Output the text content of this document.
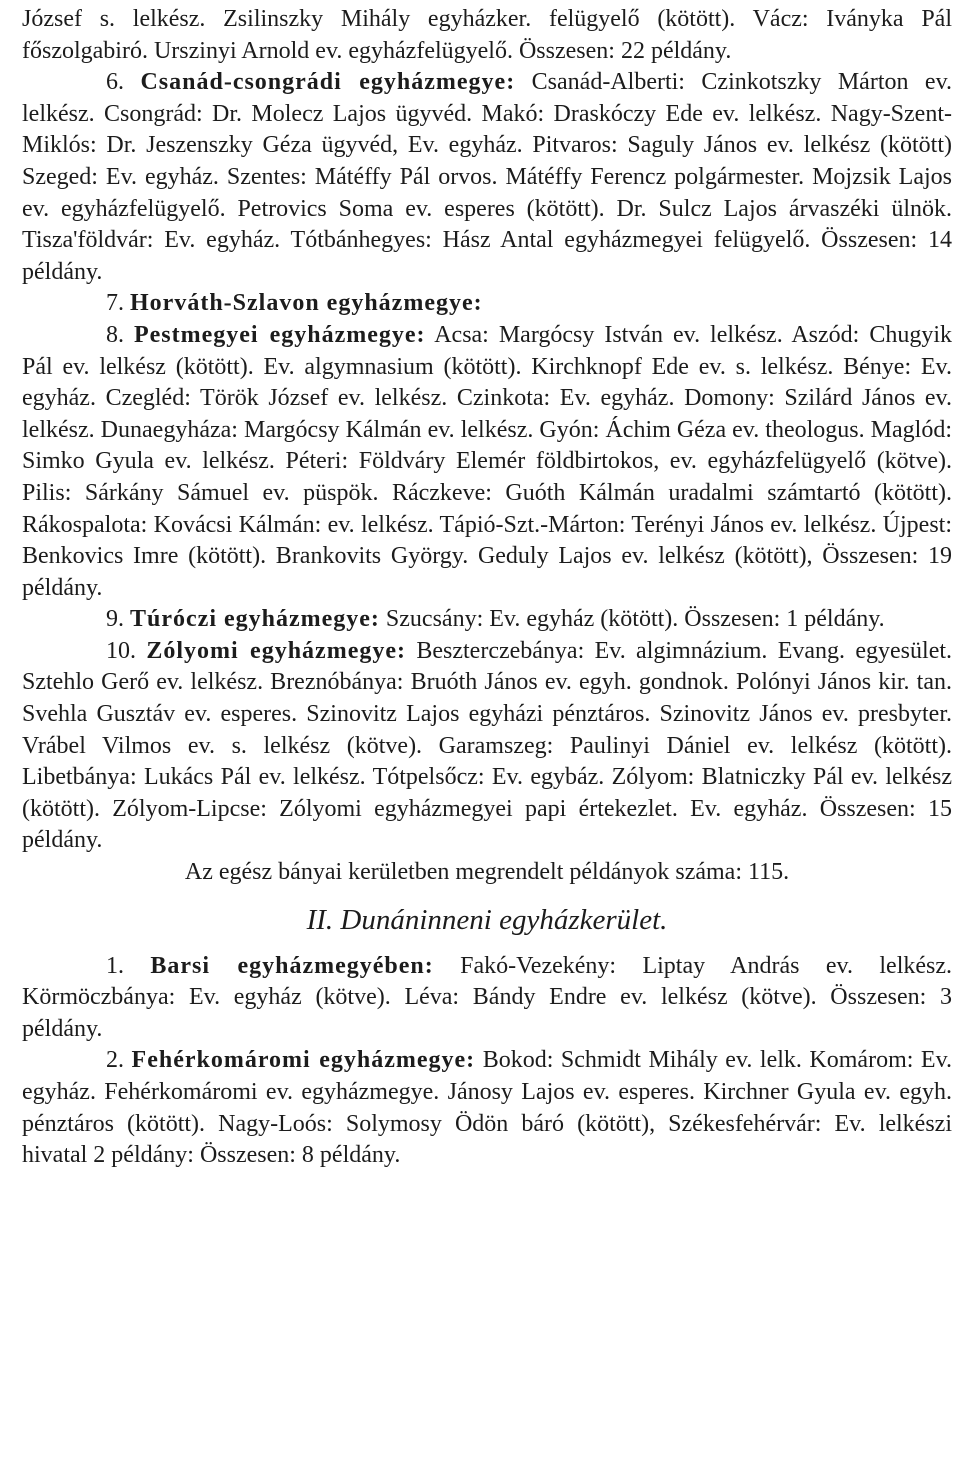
József s. lelkész. Zsilinszky Mihály egyházker. felügyelő (kötött). Vácz: Iványka Pál főszolgabiró. Urszinyi Arnold ev. egyházfelügyelő. Összesen: 22 példány.

6. Csanád-csongrádi egyházmegye: Csanád-Alberti: Czinkotszky Márton ev. lelkész. Csongrád: Dr. Molecz Lajos ügyvéd. Makó: Draskóczy Ede ev. lelkész. Nagy-Szent-Miklós: Dr. Jeszenszky Géza ügyvéd, Ev. egyház. Pitvaros: Saguly János ev. lelkész (kötött) Szeged: Ev. egyház. Szentes: Mátéffy Pál orvos. Mátéffy Ferencz polgármester. Mojzsik Lajos ev. egyházfelügyelő. Petrovics Soma ev. esperes (kötött). Dr. Sulcz Lajos árvaszéki ülnök. Tisza'földvár: Ev. egyház. Tótbánhegyes: Hász Antal egyházmegyei felügyelő. Összesen: 14 példány.

7. Horváth-Szlavon egyházmegye:

8. Pestmegyei egyházmegye: Acsa: Margócsy István ev. lelkész. Aszód: Chugyik Pál ev. lelkész (kötött). Ev. algymnasium (kötött). Kirchknopf Ede ev. s. lelkész. Bénye: Ev. egyház. Czegléd: Török József ev. lelkész. Czinkota: Ev. egyház. Domony: Szilárd János ev. lelkész. Dunaegyháza: Margócsy Kálmán ev. lelkész. Gyón: Áchim Géza ev. theologus. Maglód: Simko Gyula ev. lelkész. Péteri: Földváry Elemér földbirtokos, ev. egyházfelügyelő (kötve). Pilis: Sárkány Sámuel ev. püspök. Ráczkeve: Guóth Kálmán uradalmi számtartó (kötött). Rákospalota: Kovácsi Kálmán: ev. lelkész. Tápió-Szt.-Márton: Terényi János ev. lelkész. Újpest: Benkovics Imre (kötött). Brankovits György. Geduly Lajos ev. lelkész (kötött), Összesen: 19 példány.

9. Túróczi egyházmegye: Szucsány: Ev. egyház (kötött). Összesen: 1 példány.

10. Zólyomi egyházmegye: Beszterczebánya: Ev. algimnázium. Evang. egyesület. Sztehlo Gerő ev. lelkész. Breznóbánya: Bruóth János ev. egyh. gondnok. Polónyi János kir. tan. Svehla Gusztáv ev. esperes. Szinovitz Lajos egyházi pénztáros. Szinovitz János ev. presbyter. Vrábel Vilmos ev. s. lelkész (kötve). Garamszeg: Paulinyi Dániel ev. lelkész (kötött). Libetbánya: Lukács Pál ev. lelkész. Tótpelsőcz: Ev. egybáz. Zólyom: Blatniczky Pál ev. lelkész (kötött). Zólyom-Lipcse: Zólyomi egyházmegyei papi értekezlet. Ev. egyház. Összesen: 15 példány.

Az egész bányai kerületben megrendelt példányok száma: 115.

II. Dunáninneni egyházkerület.

1. Barsi egyházmegyében: Fakó-Vezekény: Liptay András ev. lelkész. Körmöczbánya: Ev. egyház (kötve). Léva: Bándy Endre ev. lelkész (kötve). Összesen: 3 példány.

2. Fehérkomáromi egyházmegye: Bokod: Schmidt Mihály ev. lelk. Komárom: Ev. egyház. Fehérkomáromi ev. egyházmegye. Jánosy Lajos ev. esperes. Kirchner Gyula ev. egyh. pénztáros (kötött). Nagy-Loós: Solymosy Ödön báró (kötött), Székesfehérvár: Ev. lelkészi hivatal 2 példány: Összesen: 8 példány.
